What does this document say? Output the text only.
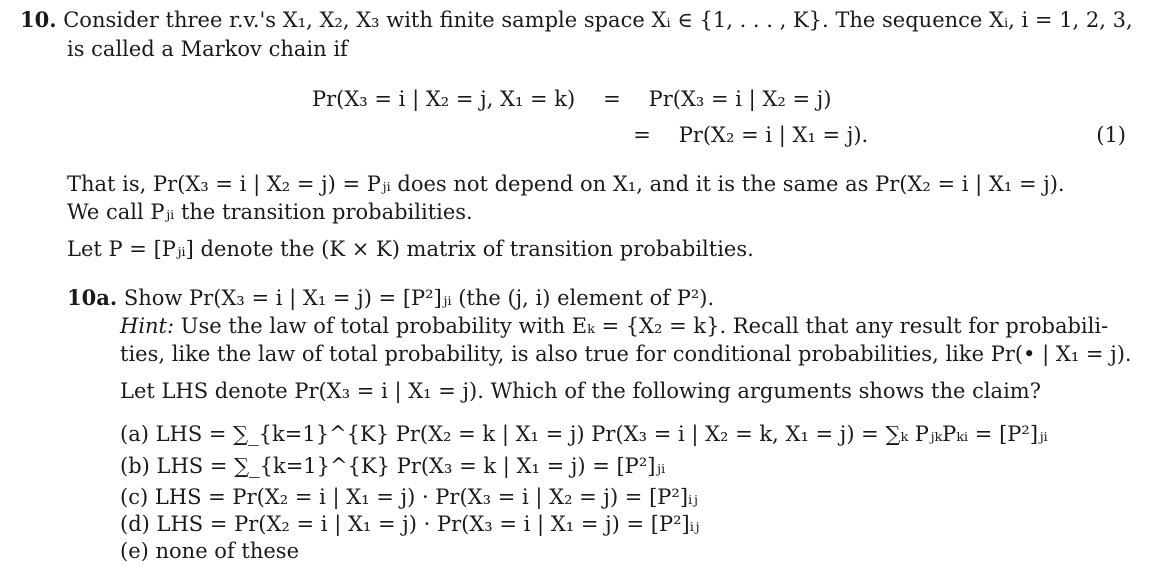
10. Consider three r.v.'s X₁, X₂, X₃ with finite sample space Xᵢ ∈ {1, . . . , K}. The sequence Xᵢ, i = 1, 2, 3,
is called a Markov chain if
Pr(X₃ = i | X₂ = j, X₁ = k) = Pr(X₃ = i | X₂ = j)
= Pr(X₂ = i | X₁ = j).	(1)
That is, Pr(X₃ = i | X₂ = j) = Pⱼᵢ does not depend on X₁, and it is the same as Pr(X₂ = i | X₁ = j).
We call Pⱼᵢ the transition probabilities.
Let P = [Pⱼᵢ] denote the (K × K) matrix of transition probabilties.
10a. Show Pr(X₃ = i | X₁ = j) = [P²]ⱼᵢ (the (j, i) element of P²).
Hint: Use the law of total probability with Eₖ = {X₂ = k}. Recall that any result for probabili-
ties, like the law of total probability, is also true for conditional probabilities, like Pr(• | X₁ = j).
Let LHS denote Pr(X₃ = i | X₁ = j). Which of the following arguments shows the claim?
(a) LHS = ∑_{k=1}^{K} Pr(X₂ = k | X₁ = j) Pr(X₃ = i | X₂ = k, X₁ = j) = ∑ₖ PⱼₖPₖᵢ = [P²]ⱼᵢ
(b) LHS = ∑_{k=1}^{K} Pr(X₃ = k | X₁ = j) = [P²]ⱼᵢ
(c) LHS = Pr(X₂ = i | X₁ = j) · Pr(X₃ = i | X₂ = j) = [P²]ᵢⱼ
(d) LHS = Pr(X₂ = i | X₁ = j) · Pr(X₃ = i | X₁ = j) = [P²]ᵢⱼ
(e) none of these
